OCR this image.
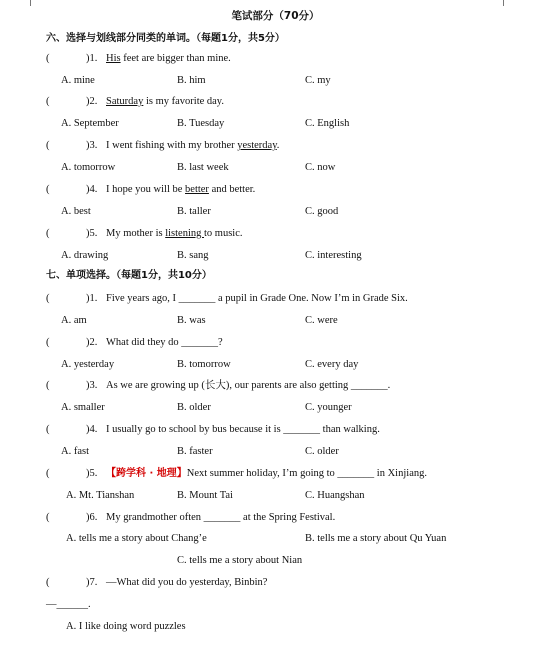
笔试部分（70分）
六、选择与划线部分同类的单词。（每题1分，共5分）
(	)1. His feet are bigger than mine.
A. mine	B. him	C. my
(	)2. Saturday is my favorite day.
A. September	B. Tuesday	C. English
(	)3. I went fishing with my brother yesterday.
A. tomorrow	B. last week	C. now
(	)4. I hope you will be better and better.
A. best	B. taller	C. good
(	)5. My mother is listening to music.
A. drawing	B. sang	C. interesting
七、单项选择。（每题1分，共10分）
(	)1. Five years ago, I _______ a pupil in Grade One. Now I’m in Grade Six.
A. am	B. was	C. were
(	)2. What did they do _______?
A. yesterday	B. tomorrow	C. every day
(	)3. As we are growing up (长大), our parents are also getting _______.
A. smaller	B. older	C. younger
(	)4. I usually go to school by bus because it is _______ than walking.
A. fast	B. faster	C. older
(	)5. 【跨学科 · 地理】Next summer holiday, I’m going to _______ in Xinjiang.
A. Mt. Tianshan	B. Mount Tai	C. Huangshan
(	)6. My grandmother often _______ at the Spring Festival.
A. tells me a story about Chang’e	B. tells me a story about Qu Yuan
C. tells me a story about Nian
(	)7. —What did you do yesterday, Binbin?
—______.
A. I like doing word puzzles
